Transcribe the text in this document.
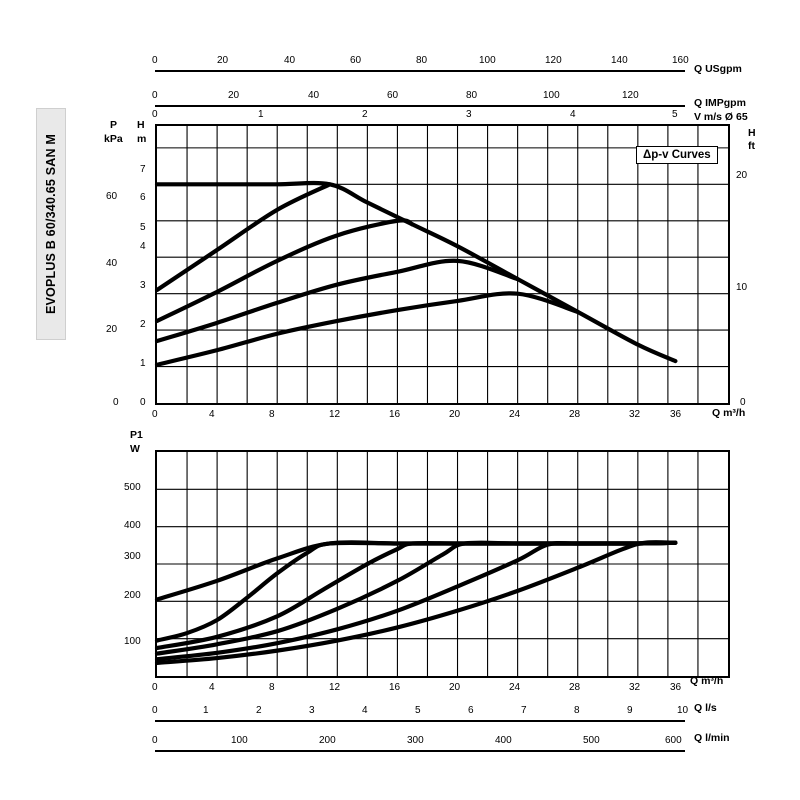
EVOPLUS B 60/340.65 SAN M
0	20	40	60	80	100	120	140	160
Q USgpm
0	20	40	60	80	100	120
Q IMPgpm
0	1	2	3	4	5 V m/s Ø 65
P
kPa
H
m	H
ft
0
20
40
60
0
1
2
3
4
5
6
7
0
10
20
Δp-v Curves
0	4	8	12	16	20	24	28	32	36	Q m³/h
P1
W
100
200
300
400
500
0	4	8	12	16	20	24	28	32	36
Q m³/h
0	1	2	3	4	5	6	7	8	9	10 Q l/s
0	100	200	300	400	500	600 Q l/min
